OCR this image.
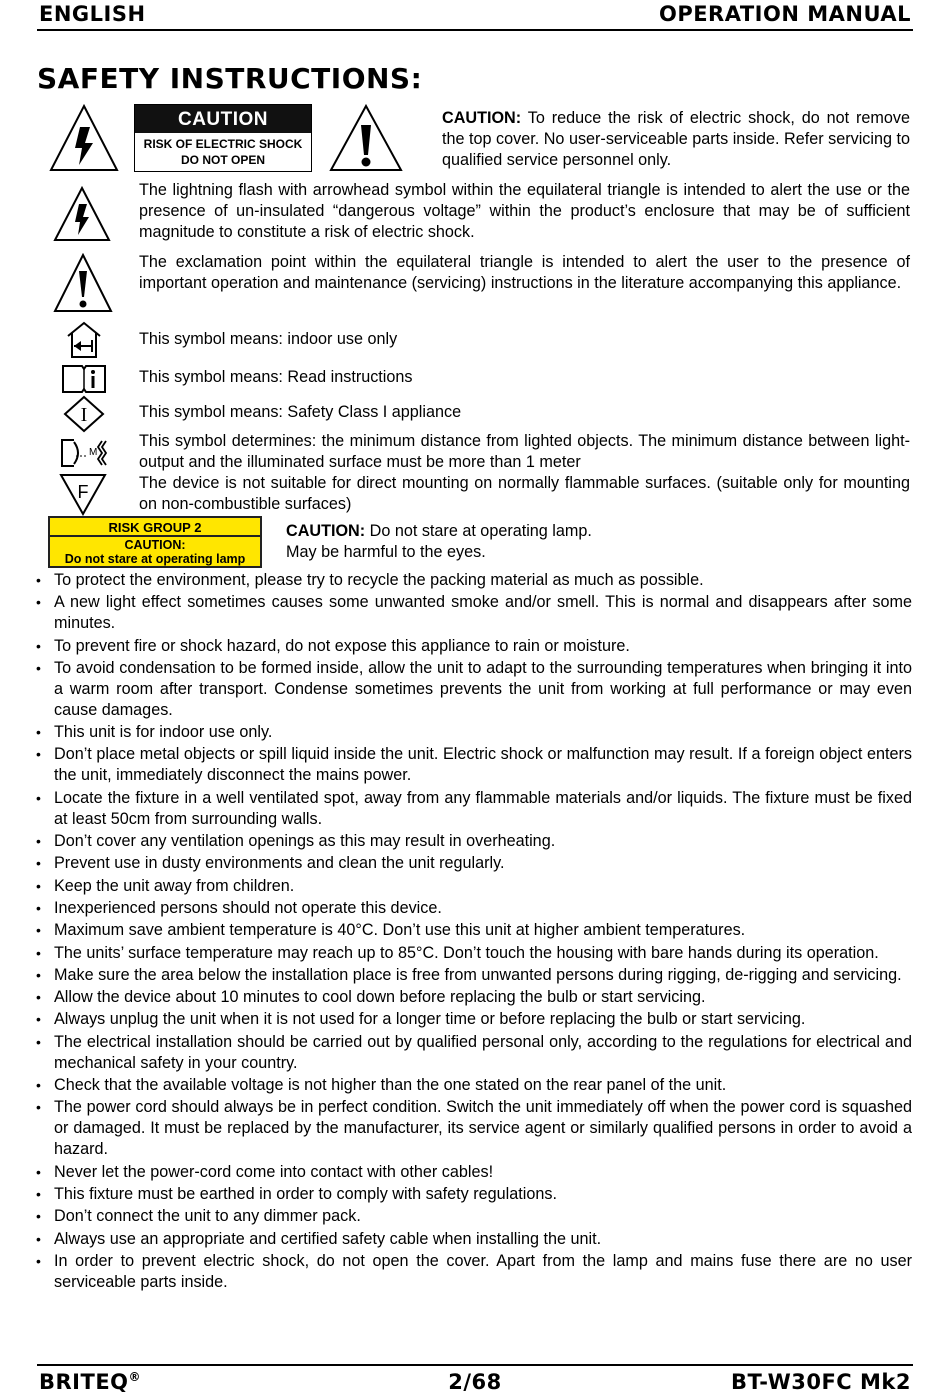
ENGLISH	OPERATION MANUAL
SAFETY INSTRUCTIONS:
CAUTION
RISK OF ELECTRIC SHOCK
DO NOT OPEN
CAUTION: To reduce the risk of electric shock, do not remove the top cover. No user-serviceable parts inside. Refer servicing to qualified service personnel only.
The lightning flash with arrowhead symbol within the equilateral triangle is intended to alert the use or the presence of un-insulated “dangerous voltage” within the product’s enclosure that may be of sufficient magnitude to constitute a risk of electric shock.
The exclamation point within the equilateral triangle is intended to alert the user to the presence of important operation and maintenance (servicing) instructions in the literature accompanying this appliance.
This symbol means: indoor use only
This symbol means: Read instructions
I	This symbol means: Safety Class I appliance
M
This symbol determines: the minimum distance from lighted objects. The minimum distance between light-output and the illuminated surface must be more than 1 meter
F	The device is not suitable for direct mounting on normally flammable surfaces. (suitable only for mounting on non-combustible surfaces)
RISK GROUP 2
CAUTION:
Do not stare at operating lamp
CAUTION: Do not stare at operating lamp.
May be harmful to the eyes.
• To protect the environment, please try to recycle the packing material as much as possible.
• A new light effect sometimes causes some unwanted smoke and/or smell. This is normal and disappears after some minutes.
• To prevent fire or shock hazard, do not expose this appliance to rain or moisture.
• To avoid condensation to be formed inside, allow the unit to adapt to the surrounding temperatures when bringing it into a warm room after transport. Condense sometimes prevents the unit from working at full performance or may even cause damages.
• This unit is for indoor use only.
• Don’t place metal objects or spill liquid inside the unit. Electric shock or malfunction may result. If a foreign object enters the unit, immediately disconnect the mains power.
• Locate the fixture in a well ventilated spot, away from any flammable materials and/or liquids. The fixture must be fixed at least 50cm from surrounding walls.
• Don’t cover any ventilation openings as this may result in overheating.
• Prevent use in dusty environments and clean the unit regularly.
• Keep the unit away from children.
• Inexperienced persons should not operate this device.
• Maximum save ambient temperature is 40°C. Don’t use this unit at higher ambient temperatures.
• The units’ surface temperature may reach up to 85°C. Don’t touch the housing with bare hands during its operation.
• Make sure the area below the installation place is free from unwanted persons during rigging, de-rigging and servicing.
• Allow the device about 10 minutes to cool down before replacing the bulb or start servicing.
• Always unplug the unit when it is not used for a longer time or before replacing the bulb or start servicing.
• The electrical installation should be carried out by qualified personal only, according to the regulations for electrical and mechanical safety in your country.
• Check that the available voltage is not higher than the one stated on the rear panel of the unit.
• The power cord should always be in perfect condition. Switch the unit immediately off when the power cord is squashed or damaged. It must be replaced by the manufacturer, its service agent or similarly qualified persons in order to avoid a hazard.
• Never let the power-cord come into contact with other cables!
• This fixture must be earthed in order to comply with safety regulations.
• Don’t connect the unit to any dimmer pack.
• Always use an appropriate and certified safety cable when installing the unit.
• In order to prevent electric shock, do not open the cover. Apart from the lamp and mains fuse there are no user serviceable parts inside.
BRITEQ®	2/68	BT-W30FC Mk2
